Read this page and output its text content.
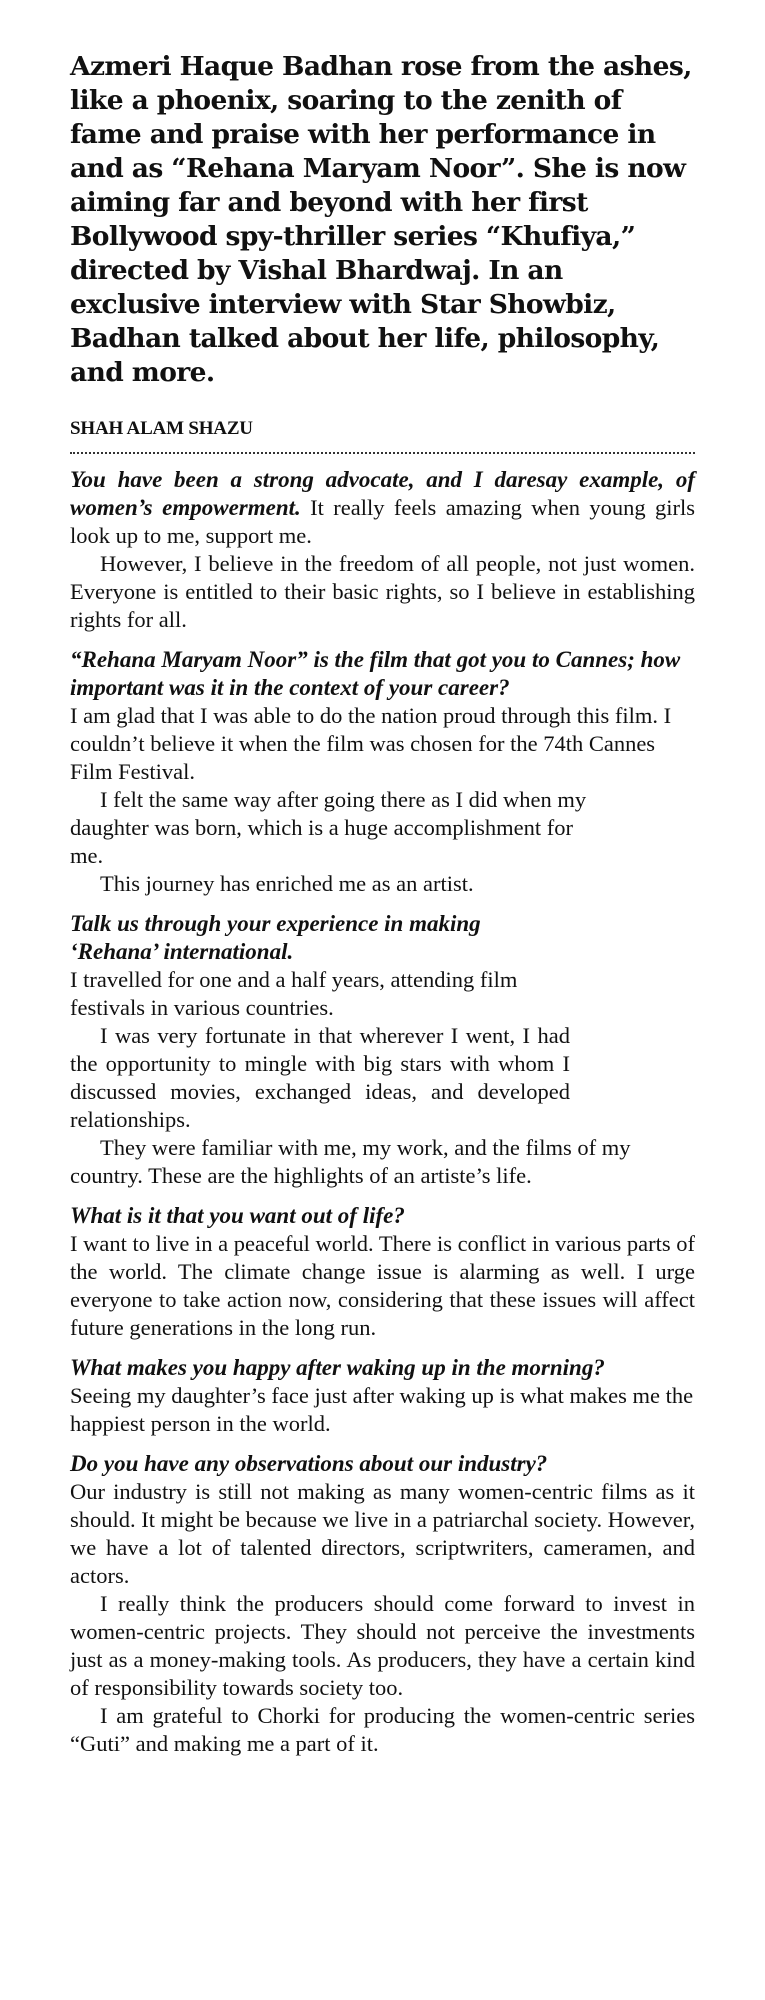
Azmeri Haque Badhan rose from the ashes, like a phoenix, soaring to the zenith of fame and praise with her performance in and as “Rehana Maryam Noor”. She is now aiming far and beyond with her first Bollywood spy-thriller series “Khufiya,” directed by Vishal Bhardwaj. In an exclusive interview with Star Showbiz, Badhan talked about her life, philosophy, and more.

SHAH ALAM SHAZU

You have been a strong advocate, and I daresay example, of women’s empowerment. It really feels amazing when young girls look up to me, support me.

However, I believe in the freedom of all people, not just women. Everyone is entitled to their basic rights, so I believe in establishing rights for all.

“Rehana Maryam Noor” is the film that got you to Cannes; how important was it in the context of your career?

I am glad that I was able to do the nation proud through this film. I couldn’t believe it when the film was chosen for the 74th Cannes Film Festival.

I felt the same way after going there as I did when my daughter was born, which is a huge accomplishment for me.

This journey has enriched me as an artist.

Talk us through your experience in making ‘Rehana’ international.

I travelled for one and a half years, attending film festivals in various countries.

I was very fortunate in that wherever I went, I had the opportunity to mingle with big stars with whom I discussed movies, exchanged ideas, and developed relationships.

They were familiar with me, my work, and the films of my country. These are the highlights of an artiste’s life.

What is it that you want out of life?

I want to live in a peaceful world. There is conflict in various parts of the world. The climate change issue is alarming as well. I urge everyone to take action now, considering that these issues will affect future generations in the long run.

What makes you happy after waking up in the morning?

Seeing my daughter’s face just after waking up is what makes me the happiest person in the world.

Do you have any observations about our industry?

Our industry is still not making as many women-centric films as it should. It might be because we live in a patriarchal society. However, we have a lot of talented directors, scriptwriters, cameramen, and actors.

I really think the producers should come forward to invest in women-centric projects. They should not perceive the investments just as a money-making tools. As producers, they have a certain kind of responsibility towards society too.

I am grateful to Chorki for producing the women-centric series “Guti” and making me a part of it.
